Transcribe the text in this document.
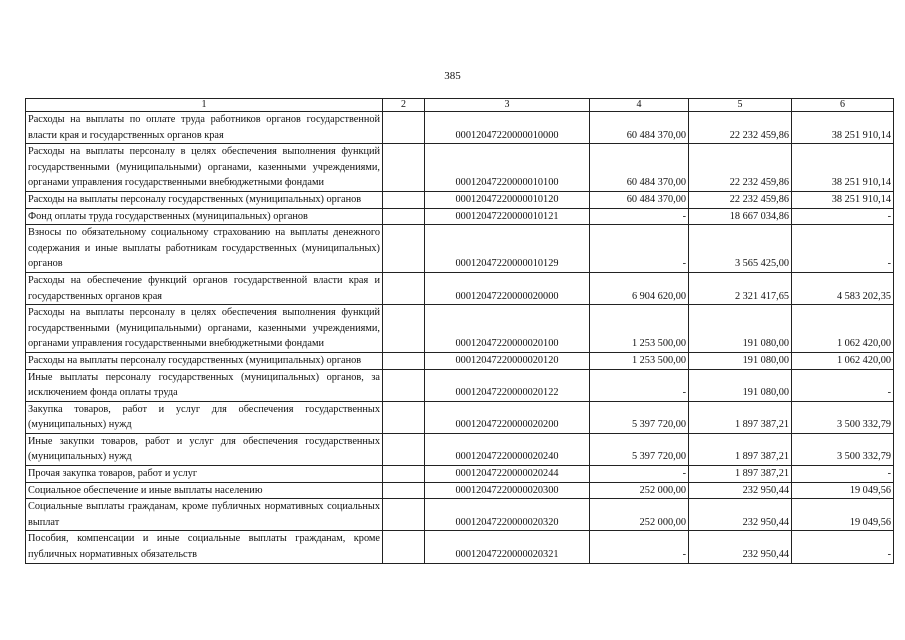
385
1	2	3	4	5	6
Расходы на выплаты по оплате труда работников органов государственной власти края и государственных органов края		00012047220000010000	60 484 370,00	22 232 459,86	38 251 910,14
Расходы на выплаты персоналу в целях обеспечения выполнения функций государственными (муниципальными) органами, казенными учреждениями, органами управления государственными внебюджетными фондами		00012047220000010100	60 484 370,00	22 232 459,86	38 251 910,14
Расходы на выплаты персоналу государственных (муниципальных) органов		00012047220000010120	60 484 370,00	22 232 459,86	38 251 910,14
Фонд оплаты труда государственных (муниципальных) органов		00012047220000010121	-	18 667 034,86	-
Взносы по обязательному социальному страхованию на выплаты денежного содержания и иные выплаты работникам государственных (муниципальных) органов		00012047220000010129	-	3 565 425,00	-
Расходы на обеспечение функций органов государственной власти края и государственных органов края		00012047220000020000	6 904 620,00	2 321 417,65	4 583 202,35
Расходы на выплаты персоналу в целях обеспечения выполнения функций государственными (муниципальными) органами, казенными учреждениями, органами управления государственными внебюджетными фондами		00012047220000020100	1 253 500,00	191 080,00	1 062 420,00
Расходы на выплаты персоналу государственных (муниципальных) органов		00012047220000020120	1 253 500,00	191 080,00	1 062 420,00
Иные выплаты персоналу государственных (муниципальных) органов, за исключением фонда оплаты труда		00012047220000020122	-	191 080,00	-
Закупка товаров, работ и услуг для обеспечения государственных (муниципальных) нужд		00012047220000020200	5 397 720,00	1 897 387,21	3 500 332,79
Иные закупки товаров, работ и услуг для обеспечения государственных (муниципальных) нужд		00012047220000020240	5 397 720,00	1 897 387,21	3 500 332,79
Прочая закупка товаров, работ и услуг		00012047220000020244	-	1 897 387,21	-
Социальное обеспечение и иные выплаты населению		00012047220000020300	252 000,00	232 950,44	19 049,56
Социальные выплаты гражданам, кроме публичных нормативных социальных выплат		00012047220000020320	252 000,00	232 950,44	19 049,56
Пособия, компенсации и иные социальные выплаты гражданам, кроме публичных нормативных обязательств		00012047220000020321	-	232 950,44	-
